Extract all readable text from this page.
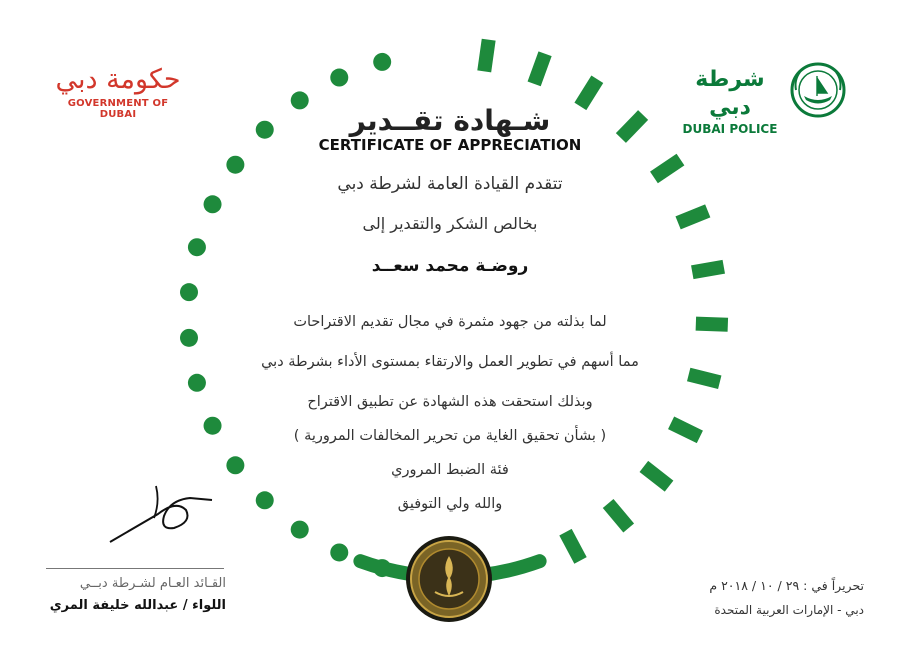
حكومة دبي
GOVERNMENT OF DUBAI
شرطة دبي
DUBAI POLICE
شـهادة تقــدير
CERTIFICATE OF APPRECIATION
تتقدم القيادة العامة لشرطة دبي
بخالص الشكر والتقدير إلى
روضـة محمد سعــد
لما بذلته من جهود مثمرة في مجال تقديم الاقتراحات
مما أسهم في تطوير العمل والارتقاء بمستوى الأداء بشرطة دبي
وبذلك استحقت هذه الشهادة عن تطبيق الاقتراح
( بشأن تحقيق الغاية من تحرير المخالفات المرورية )
فئة الضبط المروري
والله ولي التوفيق
القـائد العـام لشـرطة دبــي
اللواء / عبدالله خليفة المري
تحريراً في : ٢٩ / ١٠ / ٢٠١٨ م
دبي - الإمارات العربية المتحدة
